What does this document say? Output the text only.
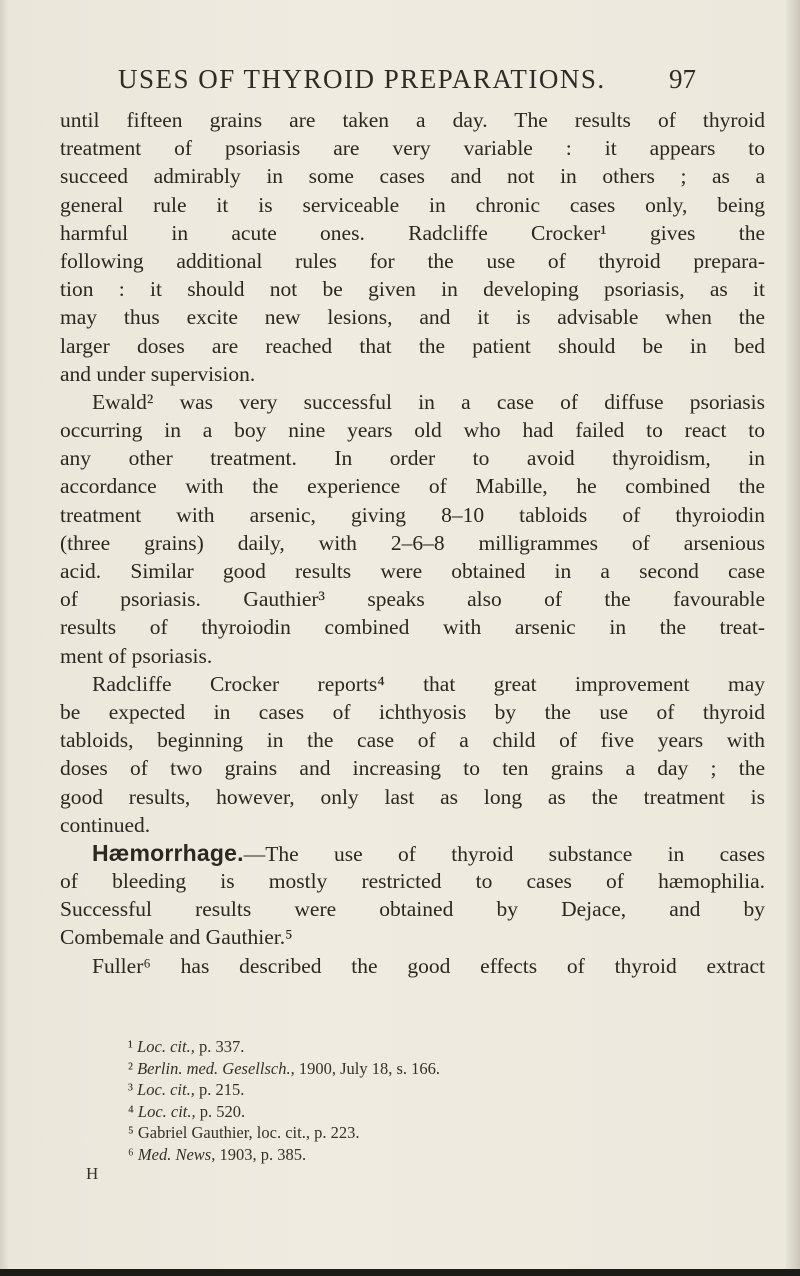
USES OF THYROID PREPARATIONS. 97
until fifteen grains are taken a day. The results of thyroid
treatment of psoriasis are very variable : it appears to
succeed admirably in some cases and not in others ; as a
general rule it is serviceable in chronic cases only, being
harmful in acute ones. Radcliffe Crocker¹ gives the
following additional rules for the use of thyroid prepara-
tion : it should not be given in developing psoriasis, as it
may thus excite new lesions, and it is advisable when the
larger doses are reached that the patient should be in bed
and under supervision.
Ewald² was very successful in a case of diffuse psoriasis
occurring in a boy nine years old who had failed to react to
any other treatment. In order to avoid thyroidism, in
accordance with the experience of Mabille, he combined the
treatment with arsenic, giving 8–10 tabloids of thyroiodin
(three grains) daily, with 2–6–8 milligrammes of arsenious
acid. Similar good results were obtained in a second case
of psoriasis. Gauthier³ speaks also of the favourable
results of thyroiodin combined with arsenic in the treat-
ment of psoriasis.
Radcliffe Crocker reports⁴ that great improvement may
be expected in cases of ichthyosis by the use of thyroid
tabloids, beginning in the case of a child of five years with
doses of two grains and increasing to ten grains a day ; the
good results, however, only last as long as the treatment is
continued.
Hæmorrhage.—The use of thyroid substance in cases
of bleeding is mostly restricted to cases of hæmophilia.
Successful results were obtained by Dejace, and by
Combemale and Gauthier.⁵
Fuller⁶ has described the good effects of thyroid extract
¹ Loc. cit., p. 337.
² Berlin. med. Gesellsch., 1900, July 18, s. 166.
³ Loc. cit., p. 215.
⁴ Loc. cit., p. 520.
⁵ Gabriel Gauthier, loc. cit., p. 223.
⁶ Med. News, 1903, p. 385.
H
